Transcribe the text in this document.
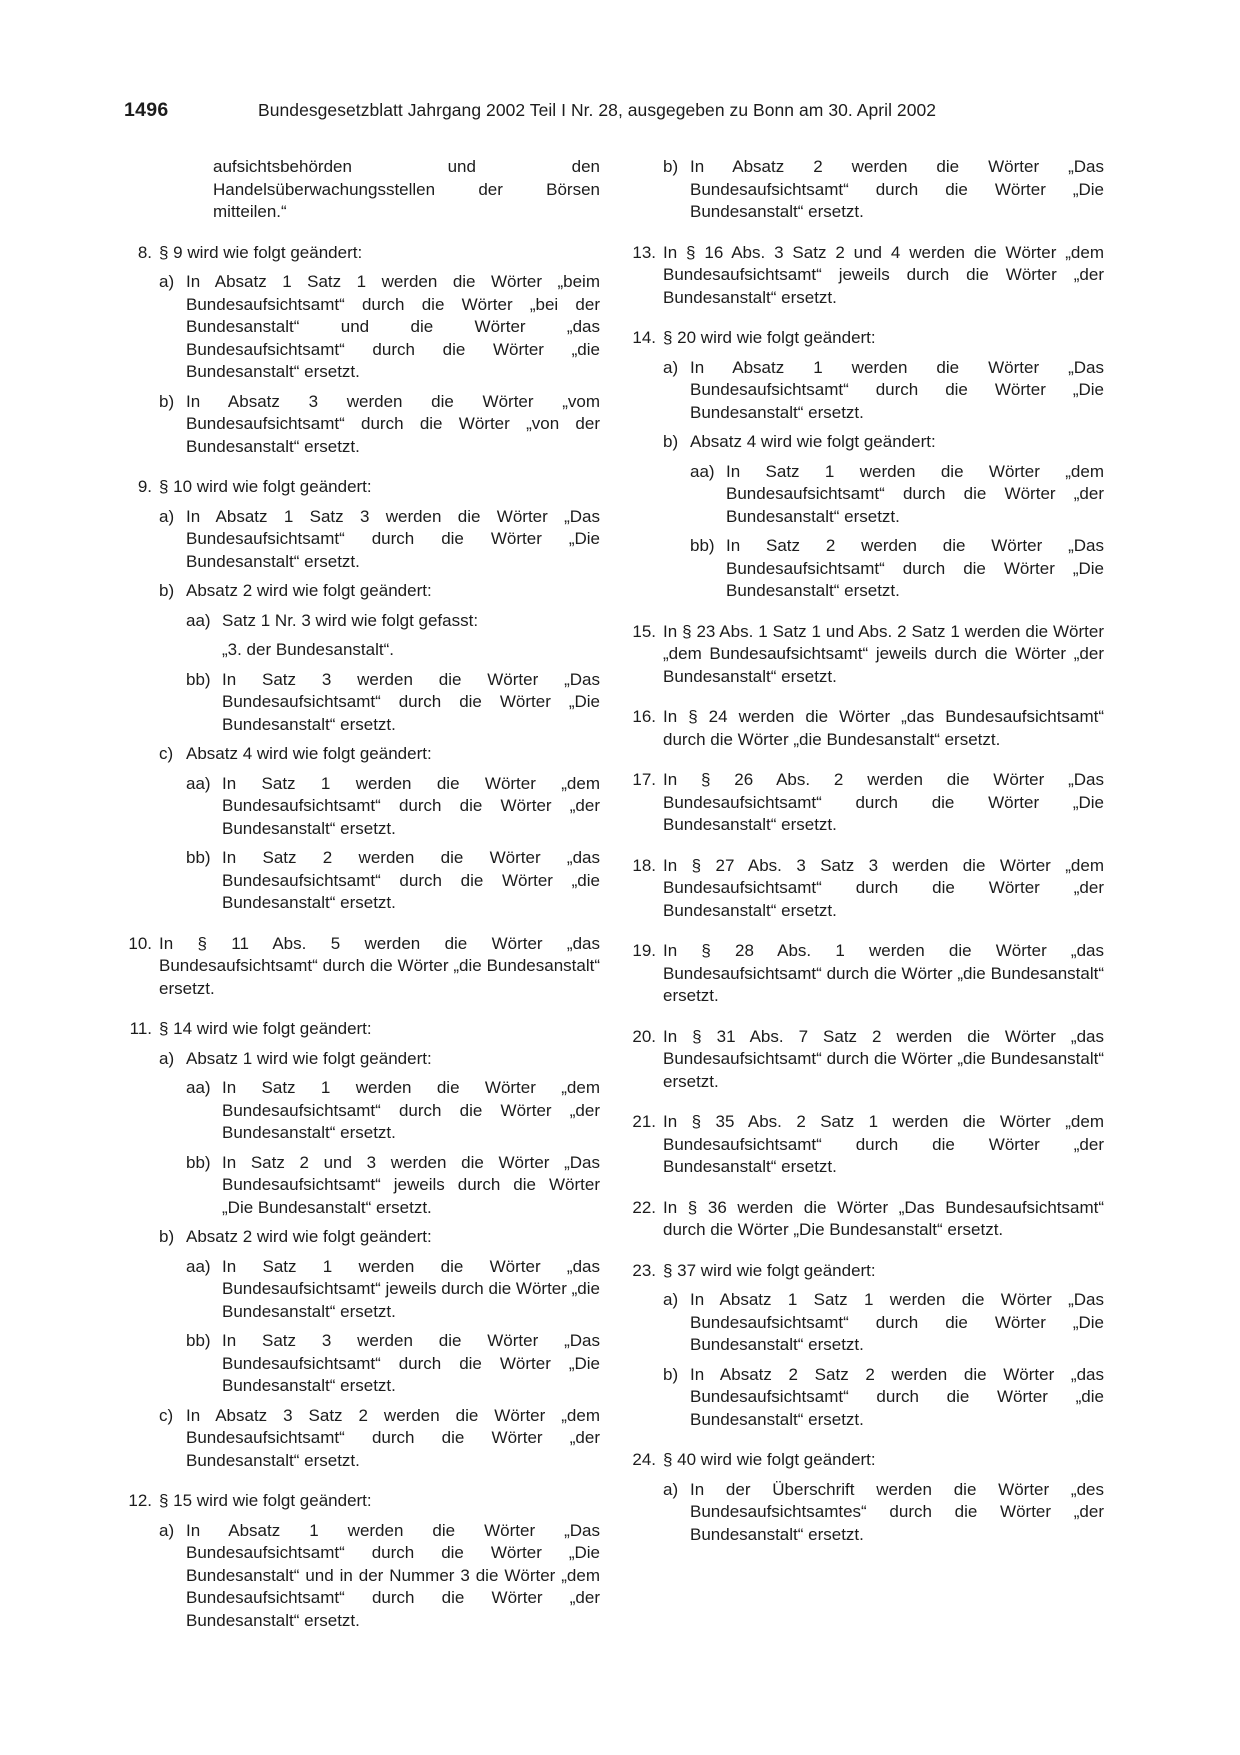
1496	Bundesgesetzblatt Jahrgang 2002 Teil I Nr. 28, ausgegeben zu Bonn am 30. April 2002
aufsichtsbehörden und den Handelsüberwachungsstellen der Börsen mitteilen.“
8. § 9 wird wie folgt geändert:
a) In Absatz 1 Satz 1 werden die Wörter „beim Bundesaufsichtsamt“ durch die Wörter „bei der Bundesanstalt“ und die Wörter „das Bundesaufsichtsamt“ durch die Wörter „die Bundesanstalt“ ersetzt.
b) In Absatz 3 werden die Wörter „vom Bundesaufsichtsamt“ durch die Wörter „von der Bundesanstalt“ ersetzt.
9. § 10 wird wie folgt geändert:
a) In Absatz 1 Satz 3 werden die Wörter „Das Bundesaufsichtsamt“ durch die Wörter „Die Bundesanstalt“ ersetzt.
b) Absatz 2 wird wie folgt geändert:
aa) Satz 1 Nr. 3 wird wie folgt gefasst:
„3. der Bundesanstalt“.
bb) In Satz 3 werden die Wörter „Das Bundesaufsichtsamt“ durch die Wörter „Die Bundesanstalt“ ersetzt.
c) Absatz 4 wird wie folgt geändert:
aa) In Satz 1 werden die Wörter „dem Bundesaufsichtsamt“ durch die Wörter „der Bundesanstalt“ ersetzt.
bb) In Satz 2 werden die Wörter „das Bundesaufsichtsamt“ durch die Wörter „die Bundesanstalt“ ersetzt.
10. In § 11 Abs. 5 werden die Wörter „das Bundesaufsichtsamt“ durch die Wörter „die Bundesanstalt“ ersetzt.
11. § 14 wird wie folgt geändert:
a) Absatz 1 wird wie folgt geändert:
aa) In Satz 1 werden die Wörter „dem Bundesaufsichtsamt“ durch die Wörter „der Bundesanstalt“ ersetzt.
bb) In Satz 2 und 3 werden die Wörter „Das Bundesaufsichtsamt“ jeweils durch die Wörter „Die Bundesanstalt“ ersetzt.
b) Absatz 2 wird wie folgt geändert:
aa) In Satz 1 werden die Wörter „das Bundesaufsichtsamt“ jeweils durch die Wörter „die Bundesanstalt“ ersetzt.
bb) In Satz 3 werden die Wörter „Das Bundesaufsichtsamt“ durch die Wörter „Die Bundesanstalt“ ersetzt.
c) In Absatz 3 Satz 2 werden die Wörter „dem Bundesaufsichtsamt“ durch die Wörter „der Bundesanstalt“ ersetzt.
12. § 15 wird wie folgt geändert:
a) In Absatz 1 werden die Wörter „Das Bundesaufsichtsamt“ durch die Wörter „Die Bundesanstalt“ und in der Nummer 3 die Wörter „dem Bundesaufsichtsamt“ durch die Wörter „der Bundesanstalt“ ersetzt.
b) In Absatz 2 werden die Wörter „Das Bundesaufsichtsamt“ durch die Wörter „Die Bundesanstalt“ ersetzt.
13. In § 16 Abs. 3 Satz 2 und 4 werden die Wörter „dem Bundesaufsichtsamt“ jeweils durch die Wörter „der Bundesanstalt“ ersetzt.
14. § 20 wird wie folgt geändert:
a) In Absatz 1 werden die Wörter „Das Bundesaufsichtsamt“ durch die Wörter „Die Bundesanstalt“ ersetzt.
b) Absatz 4 wird wie folgt geändert:
aa) In Satz 1 werden die Wörter „dem Bundesaufsichtsamt“ durch die Wörter „der Bundesanstalt“ ersetzt.
bb) In Satz 2 werden die Wörter „Das Bundesaufsichtsamt“ durch die Wörter „Die Bundesanstalt“ ersetzt.
15. In § 23 Abs. 1 Satz 1 und Abs. 2 Satz 1 werden die Wörter „dem Bundesaufsichtsamt“ jeweils durch die Wörter „der Bundesanstalt“ ersetzt.
16. In § 24 werden die Wörter „das Bundesaufsichtsamt“ durch die Wörter „die Bundesanstalt“ ersetzt.
17. In § 26 Abs. 2 werden die Wörter „Das Bundesaufsichtsamt“ durch die Wörter „Die Bundesanstalt“ ersetzt.
18. In § 27 Abs. 3 Satz 3 werden die Wörter „dem Bundesaufsichtsamt“ durch die Wörter „der Bundesanstalt“ ersetzt.
19. In § 28 Abs. 1 werden die Wörter „das Bundesaufsichtsamt“ durch die Wörter „die Bundesanstalt“ ersetzt.
20. In § 31 Abs. 7 Satz 2 werden die Wörter „das Bundesaufsichtsamt“ durch die Wörter „die Bundesanstalt“ ersetzt.
21. In § 35 Abs. 2 Satz 1 werden die Wörter „dem Bundesaufsichtsamt“ durch die Wörter „der Bundesanstalt“ ersetzt.
22. In § 36 werden die Wörter „Das Bundesaufsichtsamt“ durch die Wörter „Die Bundesanstalt“ ersetzt.
23. § 37 wird wie folgt geändert:
a) In Absatz 1 Satz 1 werden die Wörter „Das Bundesaufsichtsamt“ durch die Wörter „Die Bundesanstalt“ ersetzt.
b) In Absatz 2 Satz 2 werden die Wörter „das Bundesaufsichtsamt“ durch die Wörter „die Bundesanstalt“ ersetzt.
24. § 40 wird wie folgt geändert:
a) In der Überschrift werden die Wörter „des Bundesaufsichtsamtes“ durch die Wörter „der Bundesanstalt“ ersetzt.
